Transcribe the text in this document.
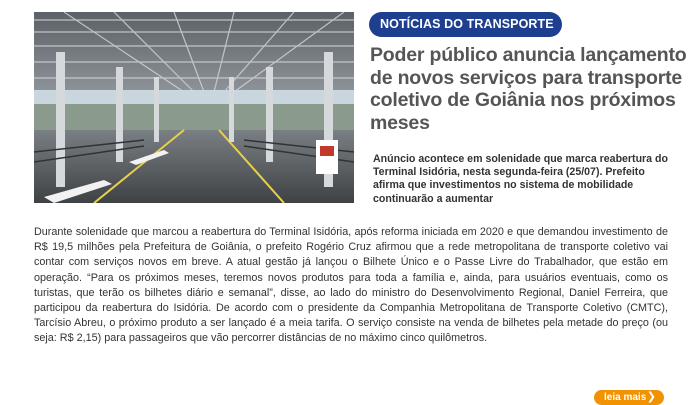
NOTÍCIAS DO TRANSPORTE
Poder público anuncia lançamento de novos serviços para transporte coletivo de Goiânia nos próximos meses

Anúncio acontece em solenidade que marca reabertura do Terminal Isidória, nesta segunda-feira (25/07). Prefeito afirma que investimentos no sistema de mobilidade continuarão a aumentar

Durante solenidade que marcou a reabertura do Terminal Isidória, após reforma iniciada em 2020 e que demandou investimento de R$ 19,5 milhões pela Prefeitura de Goiânia, o prefeito Rogério Cruz afirmou que a rede metropolitana de transporte coletivo vai contar com serviços novos em breve. A atual gestão já lançou o Bilhete Único e o Passe Livre do Trabalhador, que estão em operação. “Para os próximos meses, teremos novos produtos para toda a família e, ainda, para usuários eventuais, como os turistas, que terão os bilhetes diário e semanal”, disse, ao lado do ministro do Desenvolvimento Regional, Daniel Ferreira, que participou da reabertura do Isidória. De acordo com o presidente da Companhia Metropolitana de Transporte Coletivo (CMTC), Tarcísio Abreu, o próximo produto a ser lançado é a meia tarifa. O serviço consiste na venda de bilhetes pela metade do preço (ou seja: R$ 2,15) para passageiros que vão percorrer distâncias de no máximo cinco quilômetros.

leia mais ❯
